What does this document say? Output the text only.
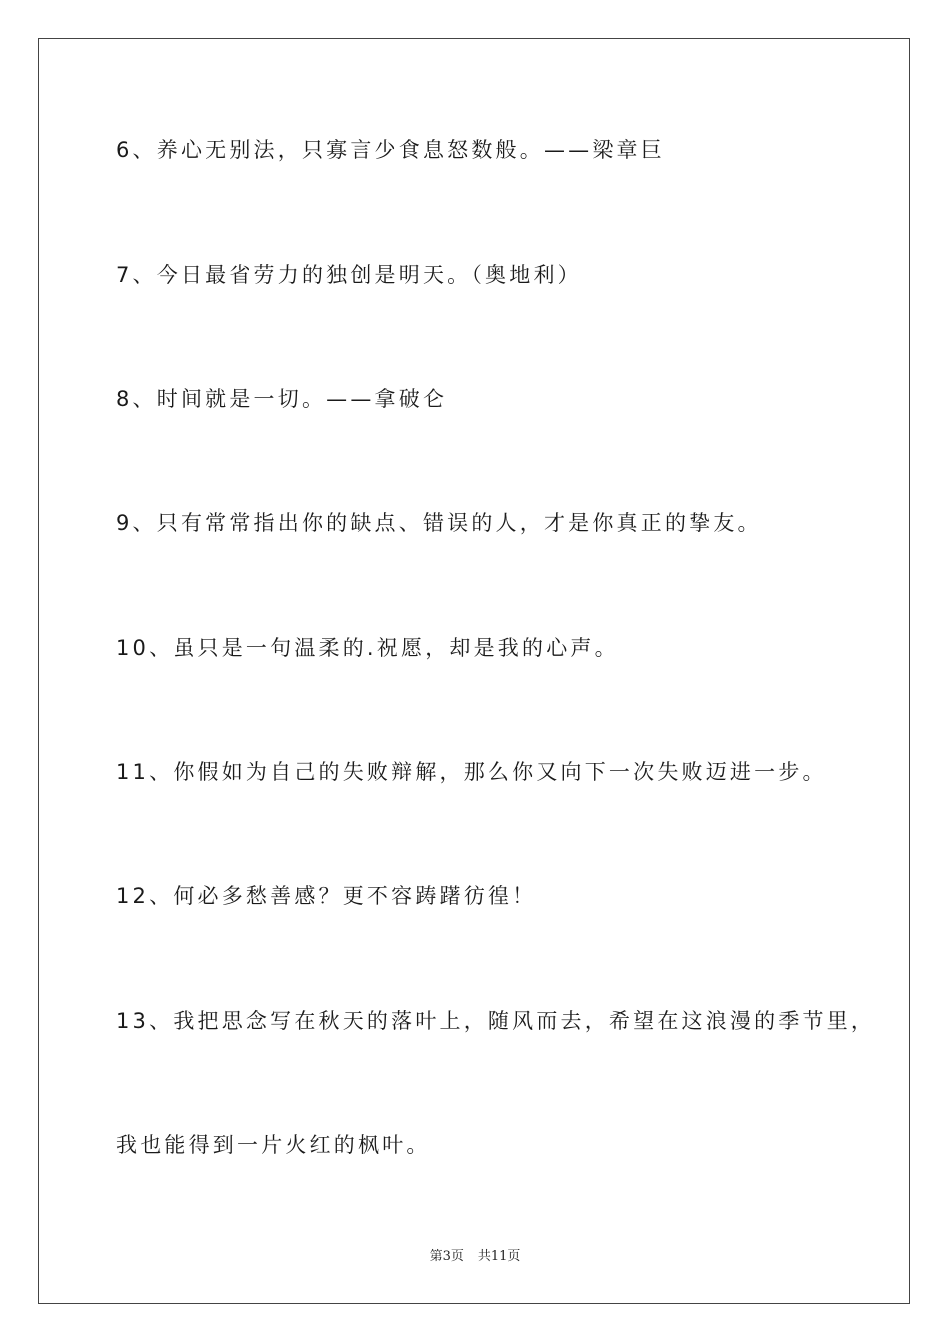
6、养心无别法，只寡言少食息怒数般。——梁章巨
7、今日最省劳力的独创是明天。（奥地利）
8、时间就是一切。——拿破仑
9、只有常常指出你的缺点、错误的人，才是你真正的挚友。
10、虽只是一句温柔的.祝愿，却是我的心声。
11、你假如为自己的失败辩解，那么你又向下一次失败迈进一步。
12、何必多愁善感？更不容踌躇彷徨！
13、我把思念写在秋天的落叶上，随风而去，希望在这浪漫的季节里，
我也能得到一片火红的枫叶。
第3页 共11页
